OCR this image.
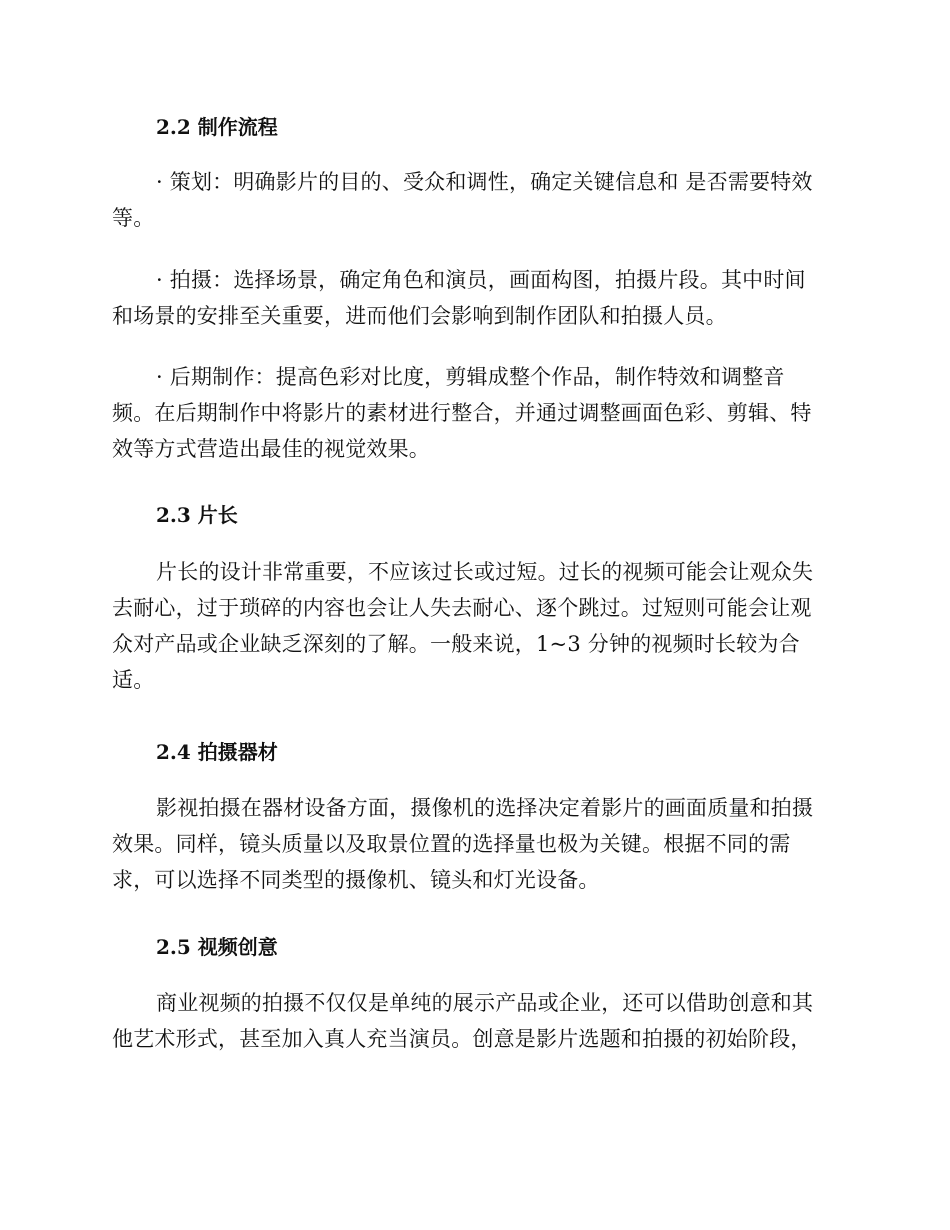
2.2 制作流程

· 策划：明确影片的目的、受众和调性，确定关键信息和 是否需要特效
等。

· 拍摄：选择场景，确定角色和演员，画面构图，拍摄片段。其中时间
和场景的安排至关重要，进而他们会影响到制作团队和拍摄人员。

· 后期制作：提高色彩对比度，剪辑成整个作品，制作特效和调整音
频。在后期制作中将影片的素材进行整合，并通过调整画面色彩、剪辑、特
效等方式营造出最佳的视觉效果。

2.3 片长

片长的设计非常重要，不应该过长或过短。过长的视频可能会让观众失
去耐心，过于琐碎的内容也会让人失去耐心、逐个跳过。过短则可能会让观
众对产品或企业缺乏深刻的了解。一般来说，1~3 分钟的视频时长较为合
适。

2.4 拍摄器材

影视拍摄在器材设备方面，摄像机的选择决定着影片的画面质量和拍摄
效果。同样，镜头质量以及取景位置的选择量也极为关键。根据不同的需
求，可以选择不同类型的摄像机、镜头和灯光设备。

2.5 视频创意

商业视频的拍摄不仅仅是单纯的展示产品或企业，还可以借助创意和其
他艺术形式，甚至加入真人充当演员。创意是影片选题和拍摄的初始阶段，
